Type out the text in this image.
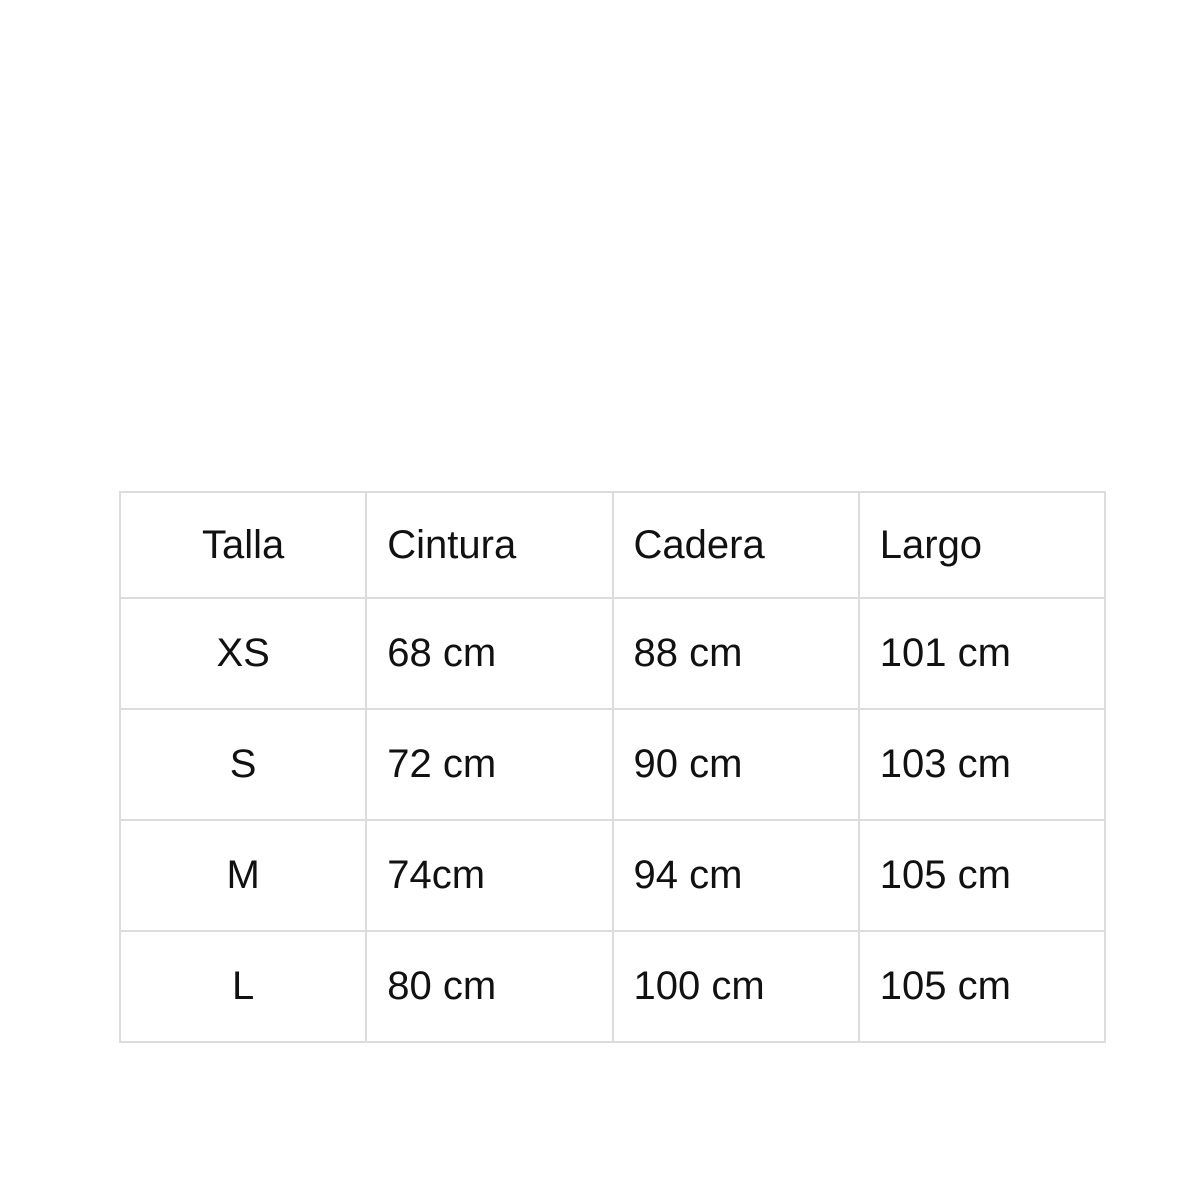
Talla	Cintura	Cadera	Largo
XS	68 cm	88 cm	101 cm
S	72 cm	90 cm	103 cm
M	74cm	94 cm	105 cm
L	80 cm	100 cm	105 cm
